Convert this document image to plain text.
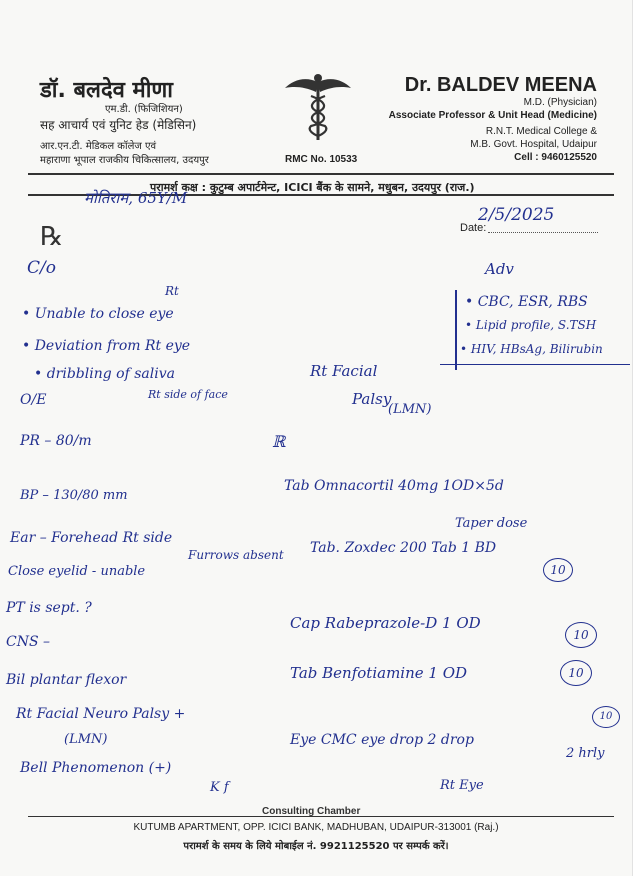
डॉ. बलदेव मीणा
एम.डी. (फिजिशियन)
सह आचार्य एवं युनिट हेड (मेडिसिन)
आर.एन.टी. मेडिकल कॉलेज एवं
महाराणा भूपाल राजकीय चिकित्सालय, उदयपुर	RMC No. 10533
Dr. BALDEV MEENA
M.D. (Physician)
Associate Professor & Unit Head (Medicine)
R.N.T. Medical College &
M.B. Govt. Hospital, Udaipur
Cell : 9460125520
परामर्श कक्ष : कुटुम्ब अपार्टमेन्ट, ICICI बैंक के सामने, मधुबन, उदयपुर (राज.)
मोतिराम, 65Y/M
2/5/2025
Date:
℞
C/o
Rt
• Unable to close eye
• Deviation from Rt eye
• dribbling of saliva
O/E	Rt side of face
PR – 80/m
BP – 130/80 mm
Ear – Forehead Rt side
Furrows absent
Close eyelid - unable
PT is sept. ?
CNS –
Bil plantar flexor
Rt Facial Neuro Palsy +
(LMN)
Bell Phenomenon (+)
K f
Adv
• CBC, ESR, RBS
• Lipid profile, S.TSH
• HIV, HBsAg, Bilirubin
Rt Facial
Palsy
(LMN)
ℝ
Tab Omnacortil 40mg 1OD×5d
Taper dose
Tab. Zoxdec 200 Tab 1 BD
10
Cap Rabeprazole-D 1 OD
10
Tab Benfotiamine 1 OD	10
Eye CMC eye drop 2 drop
10
2 hrly
Rt Eye
Consulting Chamber
KUTUMB APARTMENT, OPP. ICICI BANK, MADHUBAN, UDAIPUR-313001 (Raj.)
परामर्श के समय के लिये मोबाईल नं. 9921125520 पर सम्पर्क करें।
